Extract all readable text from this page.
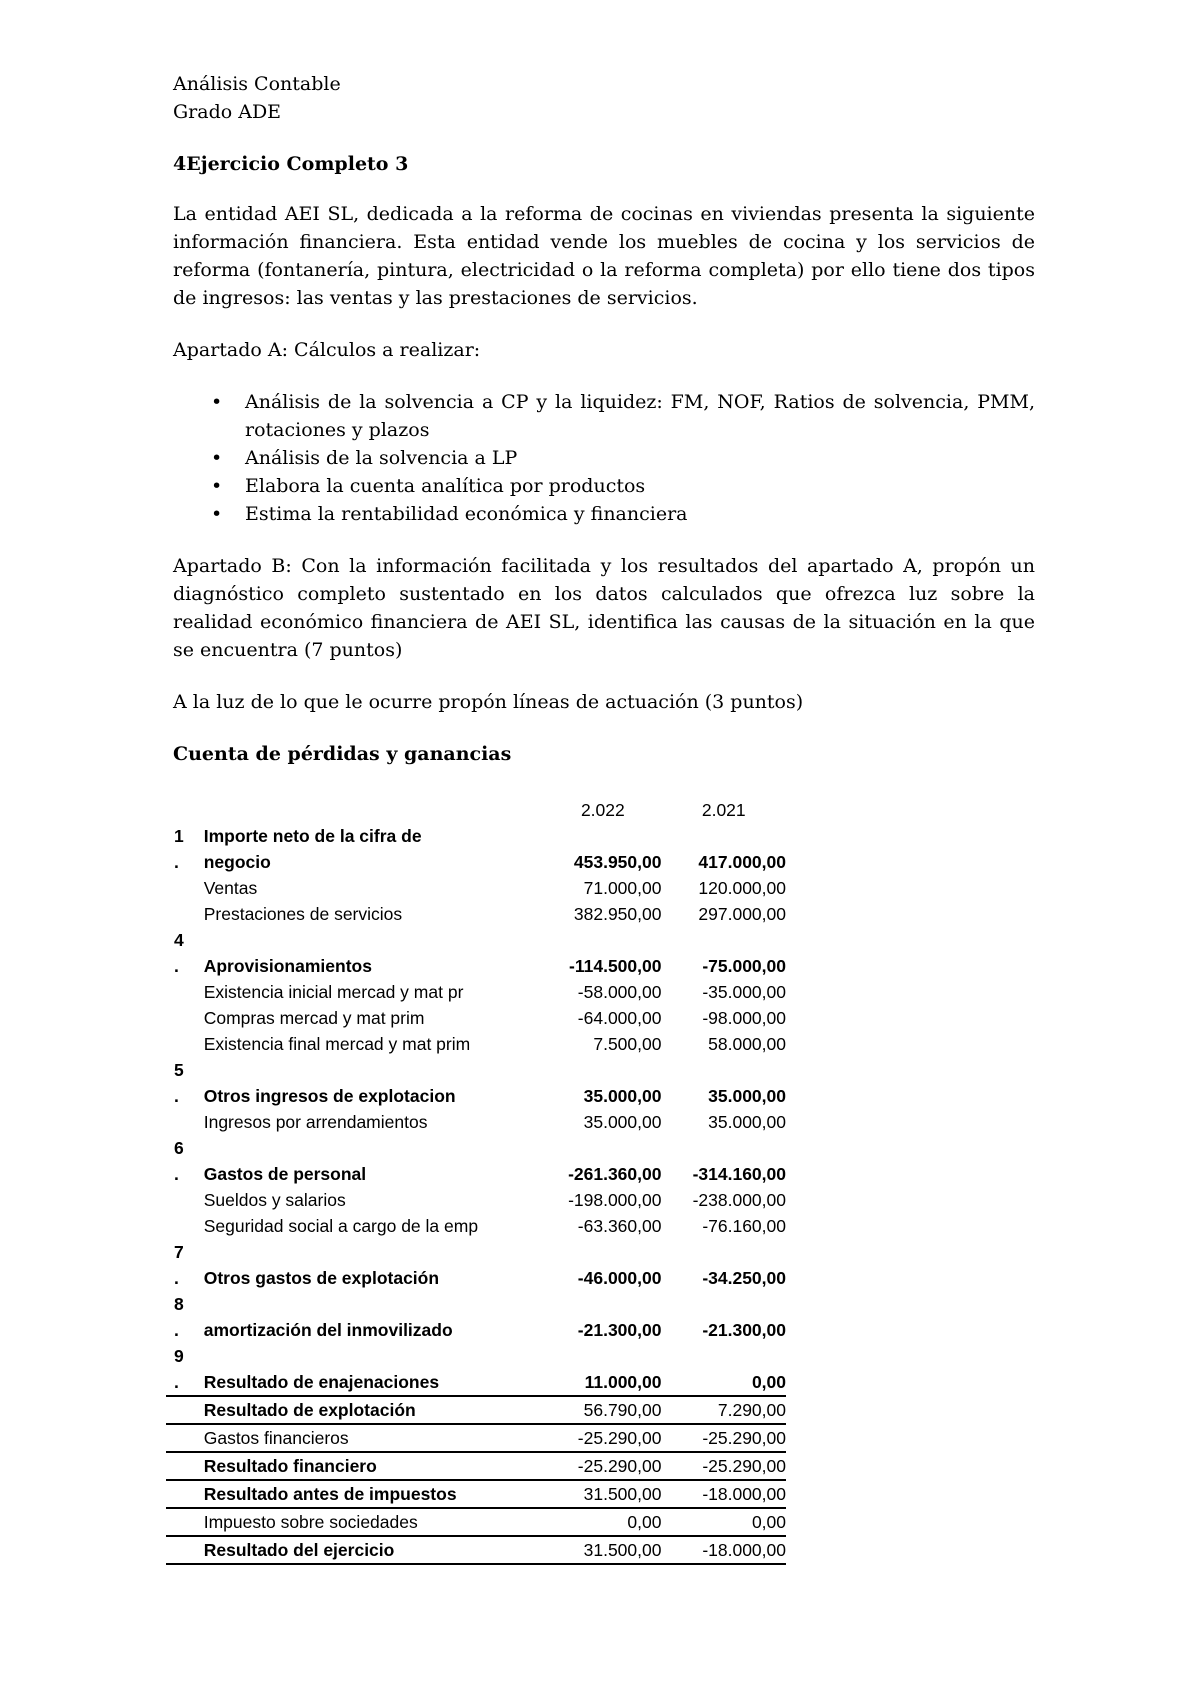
Análisis Contable

Grado ADE

4Ejercicio Completo 3

La entidad AEI SL, dedicada a la reforma de cocinas en viviendas presenta la siguiente información financiera. Esta entidad vende los muebles de cocina y los servicios de reforma (fontanería, pintura, electricidad o la reforma completa) por ello tiene dos tipos de ingresos: las ventas y las prestaciones de servicios.

Apartado A: Cálculos a realizar:

• Análisis de la solvencia a CP y la liquidez: FM, NOF, Ratios de solvencia, PMM, rotaciones y plazos
• Análisis de la solvencia a LP
• Elabora la cuenta analítica por productos
• Estima la rentabilidad económica y financiera

Apartado B: Con la información facilitada y los resultados del apartado A, propón un diagnóstico completo sustentado en los datos calculados que ofrezca luz sobre la realidad económico financiera de AEI SL, identifica las causas de la situación en la que se encuentra (7 puntos)

A la luz de lo que le ocurre propón líneas de actuación (3 puntos)

Cuenta de pérdidas y ganancias

		2.022	2.021
1	Importe neto de la cifra de		
.	negocio	453.950,00	417.000,00
	Ventas	71.000,00	120.000,00
	Prestaciones de servicios	382.950,00	297.000,00
4			
.	Aprovisionamientos	-114.500,00	-75.000,00
	Existencia inicial mercad y mat pr	-58.000,00	-35.000,00
	Compras mercad y mat prim	-64.000,00	-98.000,00
	Existencia final mercad y mat prim	7.500,00	58.000,00
5			
.	Otros ingresos de explotacion	35.000,00	35.000,00
	Ingresos por arrendamientos	35.000,00	35.000,00
6			
.	Gastos de personal	-261.360,00	-314.160,00
	Sueldos y salarios	-198.000,00	-238.000,00
	Seguridad social a cargo de la emp	-63.360,00	-76.160,00
7			
.	Otros gastos de explotación	-46.000,00	-34.250,00
8			
.	amortización del inmovilizado	-21.300,00	-21.300,00
9			
.	Resultado de enajenaciones	11.000,00	0,00
	Resultado de explotación	56.790,00	7.290,00
	Gastos financieros	-25.290,00	-25.290,00
	Resultado financiero	-25.290,00	-25.290,00
	Resultado antes de impuestos	31.500,00	-18.000,00
	Impuesto sobre sociedades	0,00	0,00
	Resultado del ejercicio	31.500,00	-18.000,00
